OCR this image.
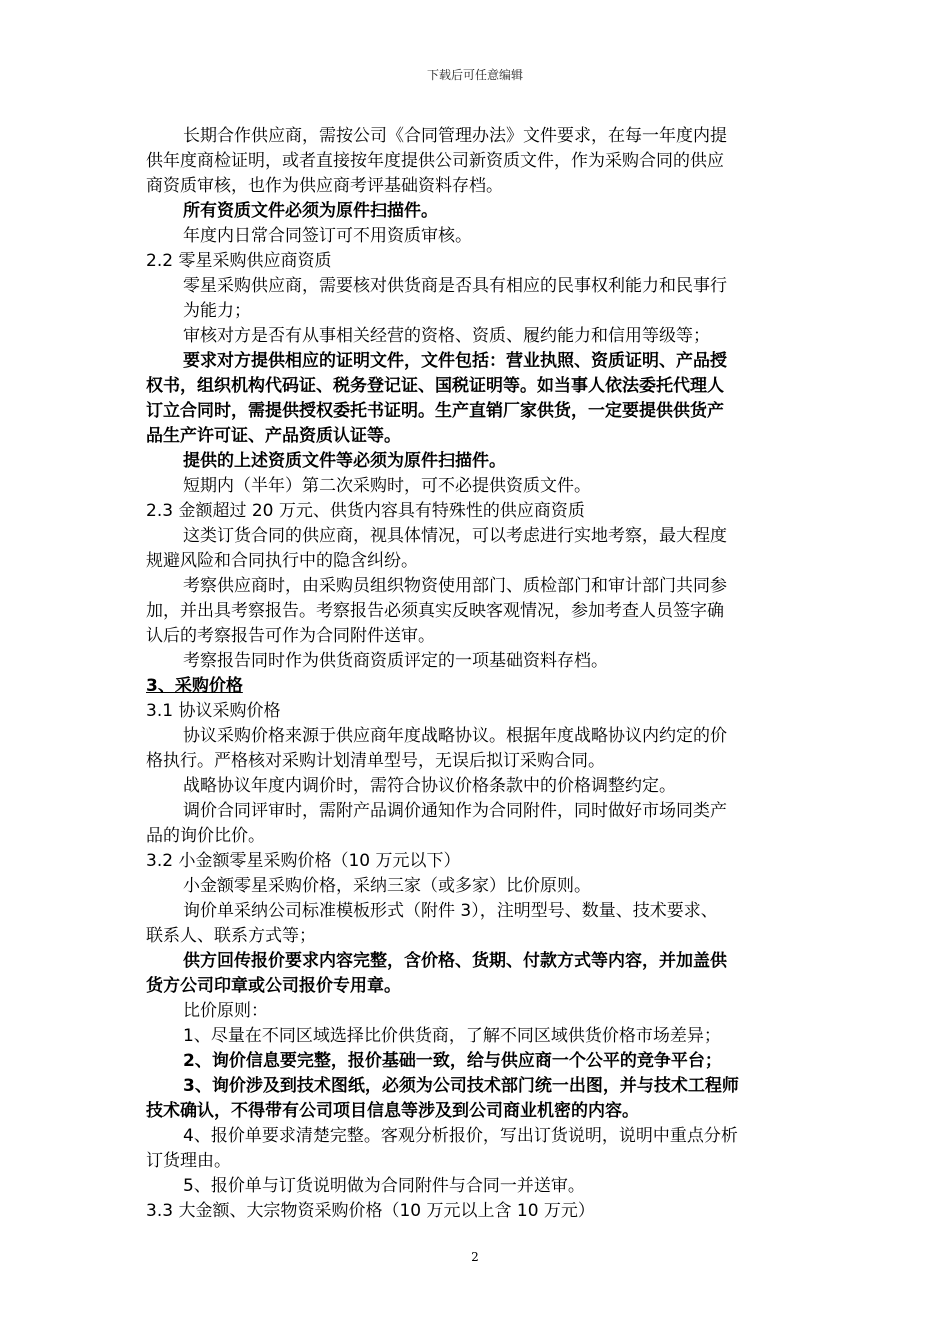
下载后可任意编辑
长期合作供应商，需按公司《合同管理办法》文件要求，在每一年度内提
供年度商检证明，或者直接按年度提供公司新资质文件，作为采购合同的供应
商资质审核，也作为供应商考评基础资料存档。
所有资质文件必须为原件扫描件。
年度内日常合同签订可不用资质审核。
2.2 零星采购供应商资质
零星采购供应商，需要核对供货商是否具有相应的民事权利能力和民事行
为能力；
审核对方是否有从事相关经营的资格、资质、履约能力和信用等级等；
要求对方提供相应的证明文件，文件包括：营业执照、资质证明、产品授
权书，组织机构代码证、税务登记证、国税证明等。如当事人依法委托代理人
订立合同时，需提供授权委托书证明。生产直销厂家供货，一定要提供供货产
品生产许可证、产品资质认证等。
提供的上述资质文件等必须为原件扫描件。
短期内（半年）第二次采购时，可不必提供资质文件。
2.3 金额超过 20 万元、供货内容具有特殊性的供应商资质
这类订货合同的供应商，视具体情况，可以考虑进行实地考察，最大程度
规避风险和合同执行中的隐含纠纷。
考察供应商时，由采购员组织物资使用部门、质检部门和审计部门共同参
加，并出具考察报告。考察报告必须真实反映客观情况，参加考查人员签字确
认后的考察报告可作为合同附件送审。
考察报告同时作为供货商资质评定的一项基础资料存档。
3、采购价格
3.1 协议采购价格
协议采购价格来源于供应商年度战略协议。根据年度战略协议内约定的价
格执行。严格核对采购计划清单型号，无误后拟订采购合同。
战略协议年度内调价时，需符合协议价格条款中的价格调整约定。
调价合同评审时，需附产品调价通知作为合同附件，同时做好市场同类产
品的询价比价。
3.2 小金额零星采购价格（10 万元以下）
小金额零星采购价格，采纳三家（或多家）比价原则。
询价单采纳公司标准模板形式（附件 3），注明型号、数量、技术要求、
联系人、联系方式等；
供方回传报价要求内容完整，含价格、货期、付款方式等内容，并加盖供
货方公司印章或公司报价专用章。
比价原则：
1、尽量在不同区域选择比价供货商，了解不同区域供货价格市场差异；
2、询价信息要完整，报价基础一致，给与供应商一个公平的竞争平台；
3、询价涉及到技术图纸，必须为公司技术部门统一出图，并与技术工程师
技术确认，不得带有公司项目信息等涉及到公司商业机密的内容。
4、报价单要求清楚完整。客观分析报价，写出订货说明，说明中重点分析
订货理由。
5、报价单与订货说明做为合同附件与合同一并送审。
3.3 大金额、大宗物资采购价格（10 万元以上含 10 万元）
2
